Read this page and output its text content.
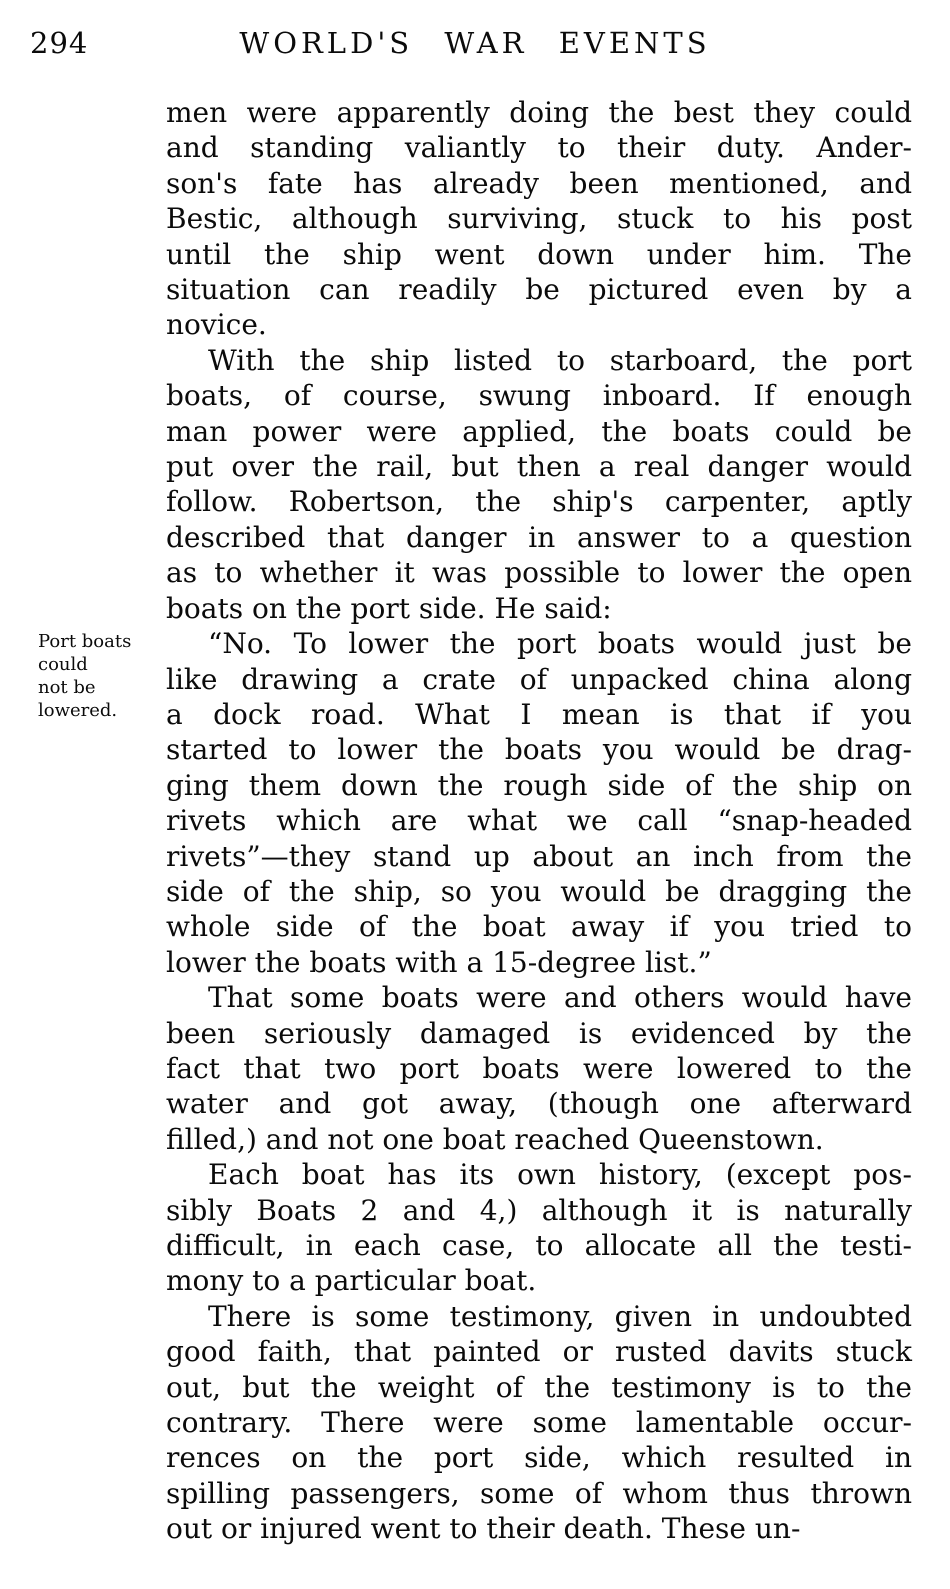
294	WORLD'S WAR EVENTS
Port boats
could
not be
lowered.
men were apparently doing the best they could
and standing valiantly to their duty. Ander-
son's fate has already been mentioned, and
Bestic, although surviving, stuck to his post
until the ship went down under him. The
situation can readily be pictured even by a
novice.
With the ship listed to starboard, the port
boats, of course, swung inboard. If enough
man power were applied, the boats could be
put over the rail, but then a real danger would
follow. Robertson, the ship's carpenter, aptly
described that danger in answer to a question
as to whether it was possible to lower the open
boats on the port side. He said:
“No. To lower the port boats would just be
like drawing a crate of unpacked china along
a dock road. What I mean is that if you
started to lower the boats you would be drag-
ging them down the rough side of the ship on
rivets which are what we call “snap-headed
rivets”—they stand up about an inch from the
side of the ship, so you would be dragging the
whole side of the boat away if you tried to
lower the boats with a 15-degree list.”
That some boats were and others would have
been seriously damaged is evidenced by the
fact that two port boats were lowered to the
water and got away, (though one afterward
filled,) and not one boat reached Queenstown.
Each boat has its own history, (except pos-
sibly Boats 2 and 4,) although it is naturally
difficult, in each case, to allocate all the testi-
mony to a particular boat.
There is some testimony, given in undoubted
good faith, that painted or rusted davits stuck
out, but the weight of the testimony is to the
contrary. There were some lamentable occur-
rences on the port side, which resulted in
spilling passengers, some of whom thus thrown
out or injured went to their death. These un-
